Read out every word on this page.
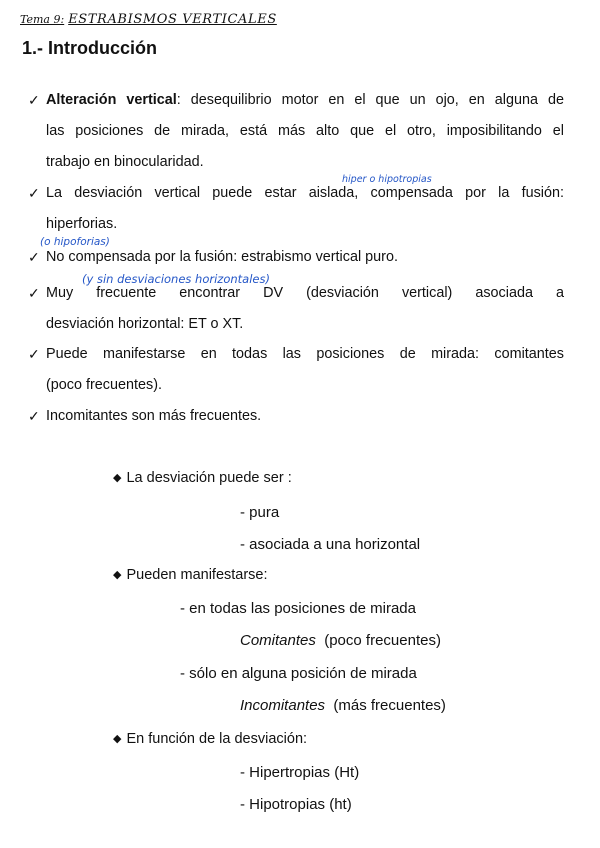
Tema 9: ESTRABISMOS VERTICALES
1.- Introducción
✓ Alteración vertical: desequilibrio motor en el que un ojo, en alguna de
las posiciones de mirada, está más alto que el otro, imposibilitando el
trabajo en binocularidad.
hiper o hipotropias
✓ La desviación vertical puede estar aislada, compensada por la fusión:
hiperforias.
(o hipoforias)
✓ No compensada por la fusión: estrabismo vertical puro.
(y sin desviaciones horizontales)
✓ Muy frecuente encontrar DV (desviación vertical) asociada a
desviación horizontal: ET o XT.
✓ Puede manifestarse en todas las posiciones de mirada: comitantes
(poco frecuentes).
✓ Incomitantes son más frecuentes.
◆ La desviación puede ser :
- pura
- asociada a una horizontal
◆ Pueden manifestarse:
- en todas las posiciones de mirada
Comitantes (poco frecuentes)
- sólo en alguna posición de mirada
Incomitantes (más frecuentes)
◆ En función de la desviación:
- Hipertropias (Ht)
- Hipotropias (ht)
